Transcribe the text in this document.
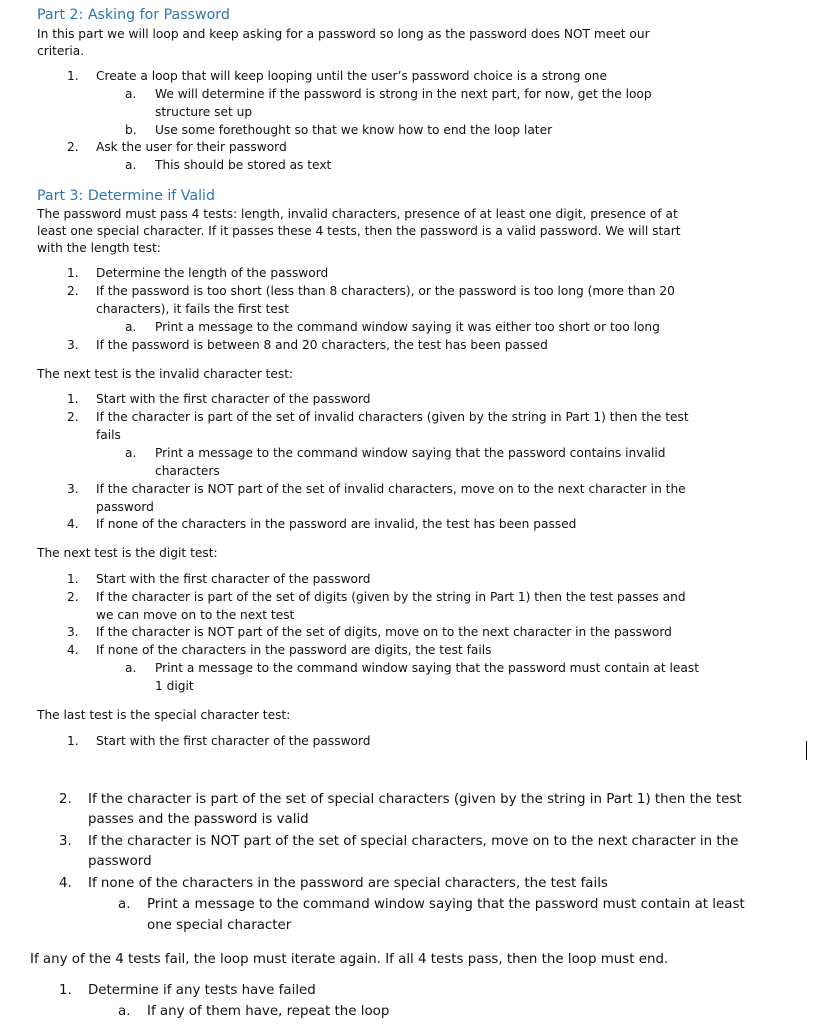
Part 2: Asking for Password
In this part we will loop and keep asking for a password so long as the password does NOT meet our
criteria.
1. Create a loop that will keep looping until the user’s password choice is a strong one
a. We will determine if the password is strong in the next part, for now, get the loop
structure set up
b. Use some forethought so that we know how to end the loop later
2. Ask the user for their password
a. This should be stored as text
Part 3: Determine if Valid
The password must pass 4 tests: length, invalid characters, presence of at least one digit, presence of at
least one special character. If it passes these 4 tests, then the password is a valid password. We will start
with the length test:
1. Determine the length of the password
2. If the password is too short (less than 8 characters), or the password is too long (more than 20
characters), it fails the first test
a. Print a message to the command window saying it was either too short or too long
3. If the password is between 8 and 20 characters, the test has been passed
The next test is the invalid character test:
1. Start with the first character of the password
2. If the character is part of the set of invalid characters (given by the string in Part 1) then the test
fails
a. Print a message to the command window saying that the password contains invalid
characters
3. If the character is NOT part of the set of invalid characters, move on to the next character in the
password
4. If none of the characters in the password are invalid, the test has been passed
The next test is the digit test:
1. Start with the first character of the password
2. If the character is part of the set of digits (given by the string in Part 1) then the test passes and
we can move on to the next test
3. If the character is NOT part of the set of digits, move on to the next character in the password
4. If none of the characters in the password are digits, the test fails
a. Print a message to the command window saying that the password must contain at least
1 digit
The last test is the special character test:
1. Start with the first character of the password
2. If the character is part of the set of special characters (given by the string in Part 1) then the test
passes and the password is valid
3. If the character is NOT part of the set of special characters, move on to the next character in the
password
4. If none of the characters in the password are special characters, the test fails
a. Print a message to the command window saying that the password must contain at least
one special character
If any of the 4 tests fail, the loop must iterate again. If all 4 tests pass, then the loop must end.
1. Determine if any tests have failed
a. If any of them have, repeat the loop
